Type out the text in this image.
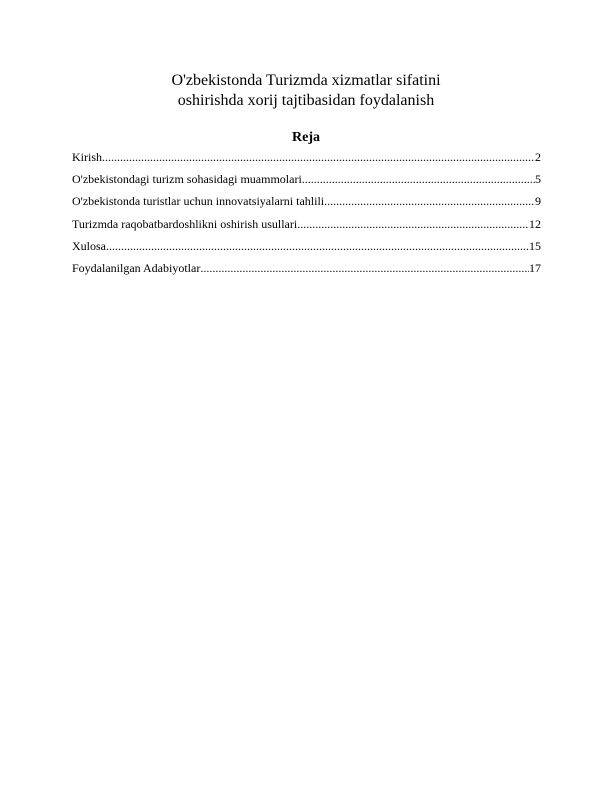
O'zbekistonda Turizmda xizmatlar sifatini
oshirishda xorij tajtibasidan foydalanish
Reja
Kirish .....	2
O'zbekistondagi turizm sohasidagi muammolari .....	5
O'zbekistonda turistlar uchun innovatsiyalarni tahlili .....	9
Turizmda raqobatbardoshlikni oshirish usullari .....	12
Xulosa .....	15
Foydalanilgan Adabiyotlar .....	17
